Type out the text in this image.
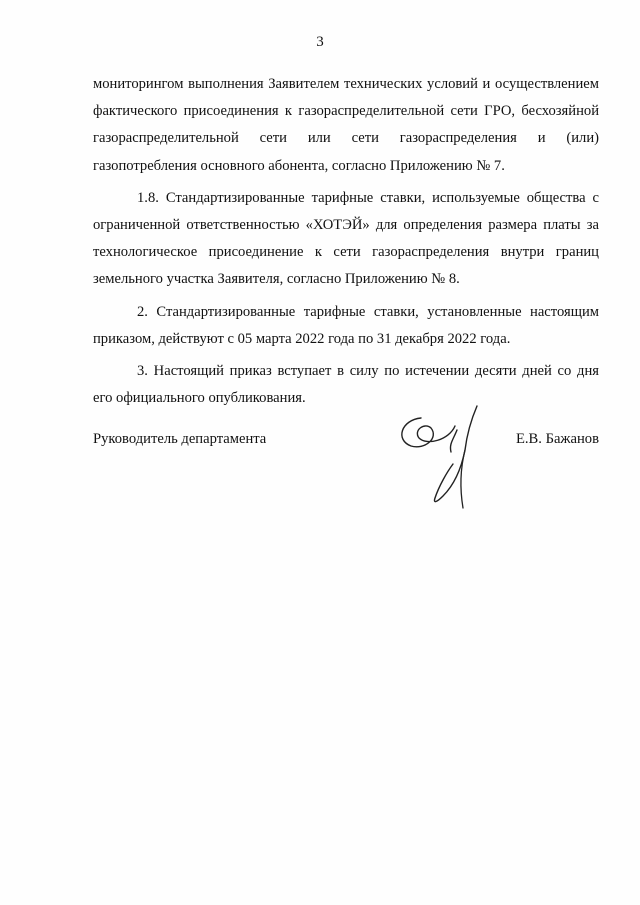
3

мониторингом выполнения Заявителем технических условий и осуществлением фактического присоединения к газораспределительной сети ГРО, бесхозяйной газораспределительной сети или сети газораспределения и (или) газопотребления основного абонента, согласно Приложению № 7.

1.8. Стандартизированные тарифные ставки, используемые общества с ограниченной ответственностью «ХОТЭЙ» для определения размера платы за технологическое присоединение к сети газораспределения внутри границ земельного участка Заявителя, согласно Приложению № 8.

2. Стандартизированные тарифные ставки, установленные настоящим приказом, действуют с 05 марта 2022 года по 31 декабря 2022 года.

3. Настоящий приказ вступает в силу по истечении десяти дней со дня его официального опубликования.

Руководитель департамента	Е.В. Бажанов
